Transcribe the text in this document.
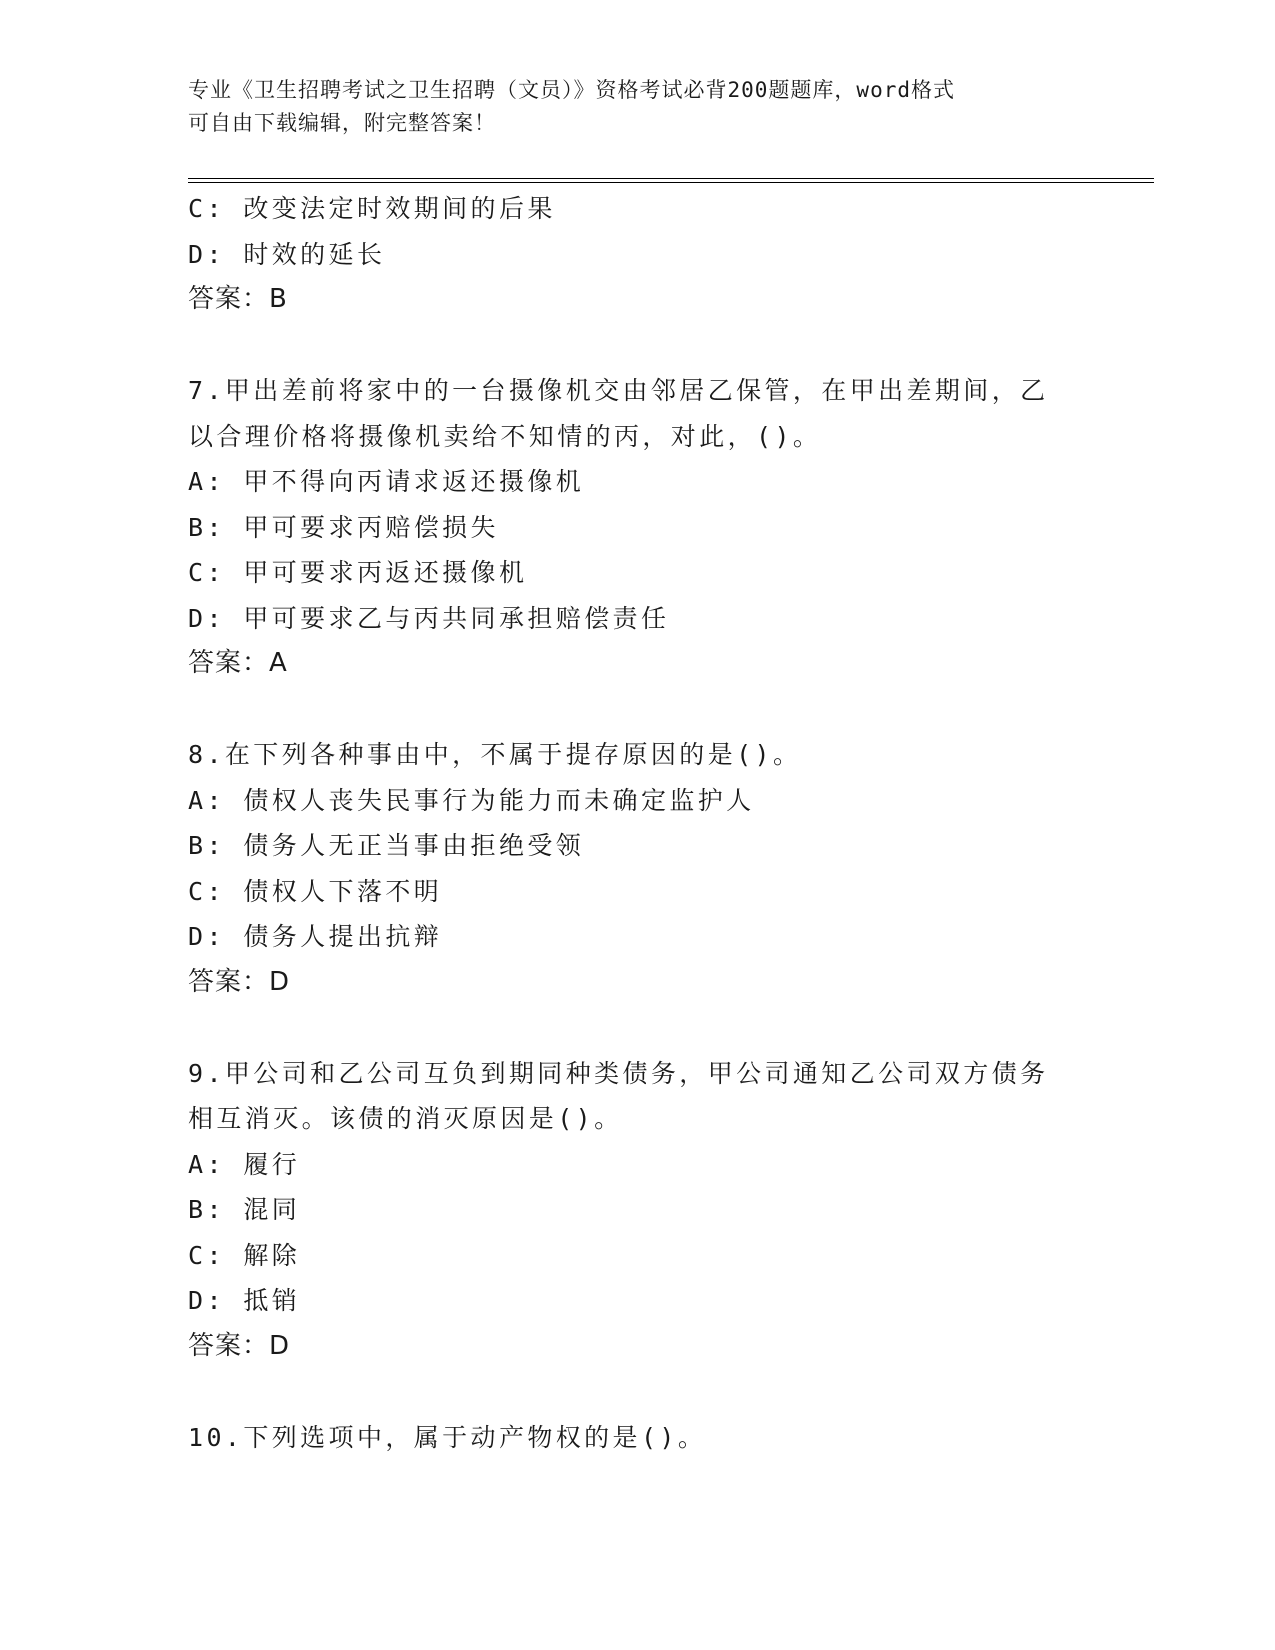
专业《卫生招聘考试之卫生招聘（文员）》资格考试必背200题题库，word格式
可自由下载编辑，附完整答案！
C: 改变法定时效期间的后果
D: 时效的延长
答案：B
7.甲出差前将家中的一台摄像机交由邻居乙保管，在甲出差期间，乙
以合理价格将摄像机卖给不知情的丙，对此，()。
A: 甲不得向丙请求返还摄像机
B: 甲可要求丙赔偿损失
C: 甲可要求丙返还摄像机
D: 甲可要求乙与丙共同承担赔偿责任
答案：A
8.在下列各种事由中，不属于提存原因的是()。
A: 债权人丧失民事行为能力而未确定监护人
B: 债务人无正当事由拒绝受领
C: 债权人下落不明
D: 债务人提出抗辩
答案：D
9.甲公司和乙公司互负到期同种类债务，甲公司通知乙公司双方债务
相互消灭。该债的消灭原因是()。
A: 履行
B: 混同
C: 解除
D: 抵销
答案：D
10.下列选项中，属于动产物权的是()。
